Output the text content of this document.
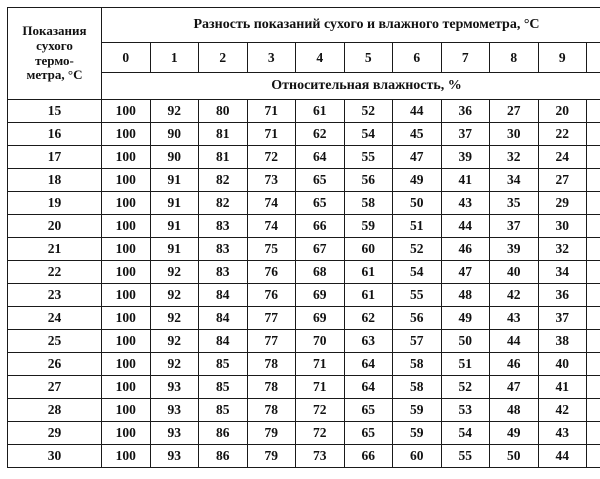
Показания
сухого
термо-
метра, °С	Разность показаний сухого и влажного термометра, °С										
	0	1	2	3	4	5	6	7	8	9	
	Относительная влажность, %										
15	100	92	80	71	61	52	44	36	27	20	
16	100	90	81	71	62	54	45	37	30	22	
17	100	90	81	72	64	55	47	39	32	24	
18	100	91	82	73	65	56	49	41	34	27	
19	100	91	82	74	65	58	50	43	35	29	
20	100	91	83	74	66	59	51	44	37	30	
21	100	91	83	75	67	60	52	46	39	32	
22	100	92	83	76	68	61	54	47	40	34	
23	100	92	84	76	69	61	55	48	42	36	
24	100	92	84	77	69	62	56	49	43	37	
25	100	92	84	77	70	63	57	50	44	38	
26	100	92	85	78	71	64	58	51	46	40	
27	100	93	85	78	71	64	58	52	47	41	
28	100	93	85	78	72	65	59	53	48	42	
29	100	93	86	79	72	65	59	54	49	43	
30	100	93	86	79	73	66	60	55	50	44	
